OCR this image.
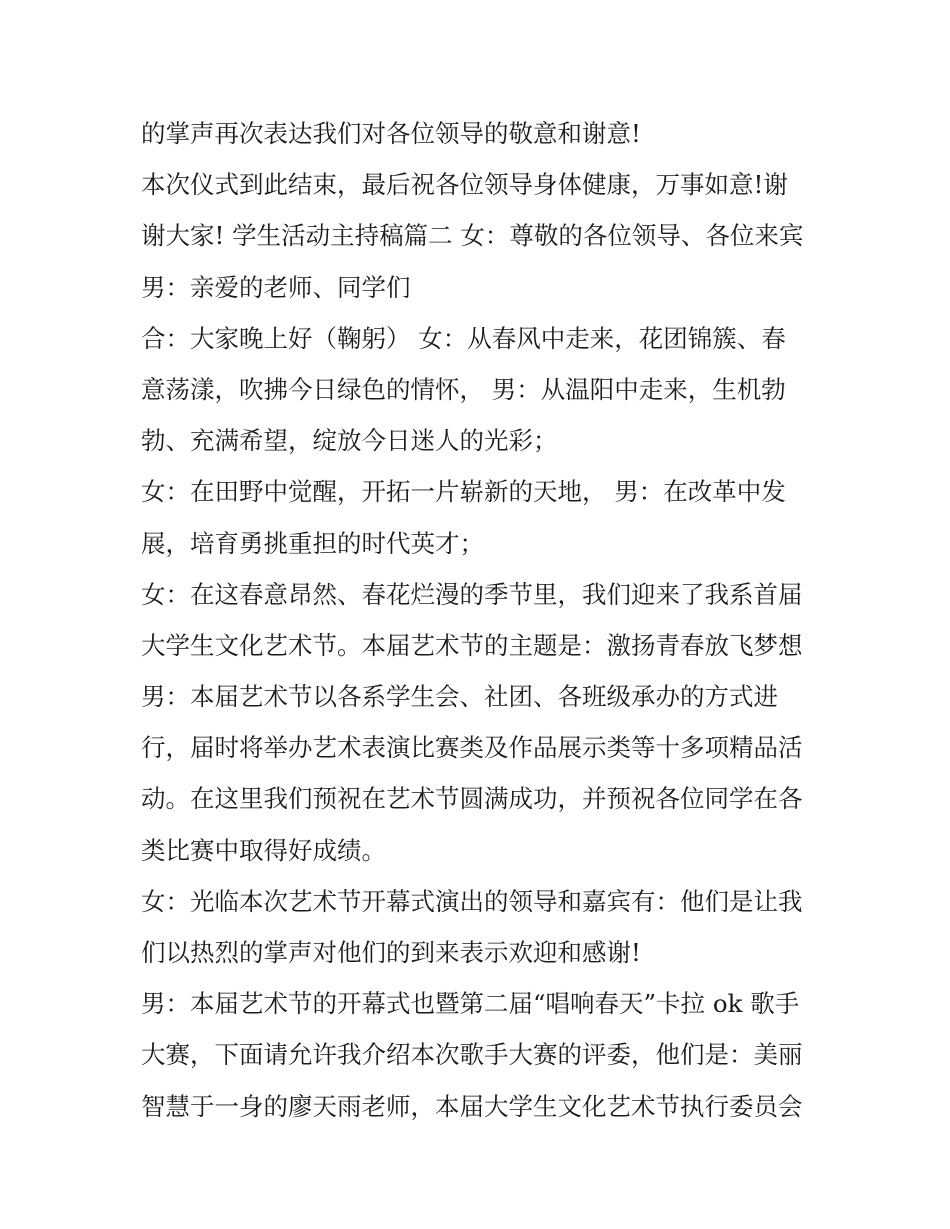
的掌声再次表达我们对各位领导的敬意和谢意!
本次仪式到此结束，最后祝各位领导身体健康，万事如意!谢
谢大家! 学生活动主持稿篇二 女：尊敬的各位领导、各位来宾
男：亲爱的老师、同学们
合：大家晚上好（鞠躬） 女：从春风中走来，花团锦簇、春
意荡漾，吹拂今日绿色的情怀， 男：从温阳中走来，生机勃
勃、充满希望，绽放今日迷人的光彩；
女：在田野中觉醒，开拓一片崭新的天地， 男：在改革中发
展，培育勇挑重担的时代英才；
女：在这春意昂然、春花烂漫的季节里，我们迎来了我系首届
大学生文化艺术节。本届艺术节的主题是：激扬青春放飞梦想
男：本届艺术节以各系学生会、社团、各班级承办的方式进
行，届时将举办艺术表演比赛类及作品展示类等十多项精品活
动。在这里我们预祝在艺术节圆满成功，并预祝各位同学在各
类比赛中取得好成绩。
女：光临本次艺术节开幕式演出的领导和嘉宾有：他们是让我
们以热烈的掌声对他们的到来表示欢迎和感谢!
男：本届艺术节的开幕式也暨第二届“唱响春天”卡拉 ok 歌手
大赛，下面请允许我介绍本次歌手大赛的评委，他们是：美丽
智慧于一身的廖天雨老师，本届大学生文化艺术节执行委员会
